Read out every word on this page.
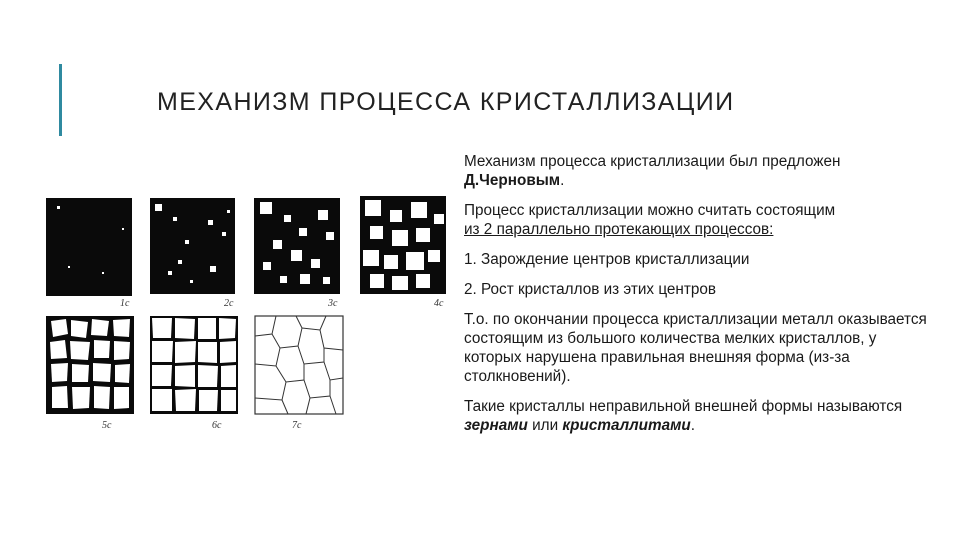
МЕХАНИЗМ ПРОЦЕССА КРИСТАЛЛИЗАЦИИ
1с	2с	3с	4с
5с	6с	7с

Механизм процесса кристаллизации был предложен Д.Черновым.

Процесс кристаллизации можно считать состоящим
из 2 параллельно протекающих процессов:

1. Зарождение центров кристаллизации

2. Рост кристаллов из этих центров

Т.о. по окончании процесса кристаллизации металл оказывается состоящим из большого количества мелких кристаллов, у которых нарушена правильная внешняя форма (из-за столкновений).

Такие кристаллы неправильной внешней формы называются зернами или кристаллитами.
